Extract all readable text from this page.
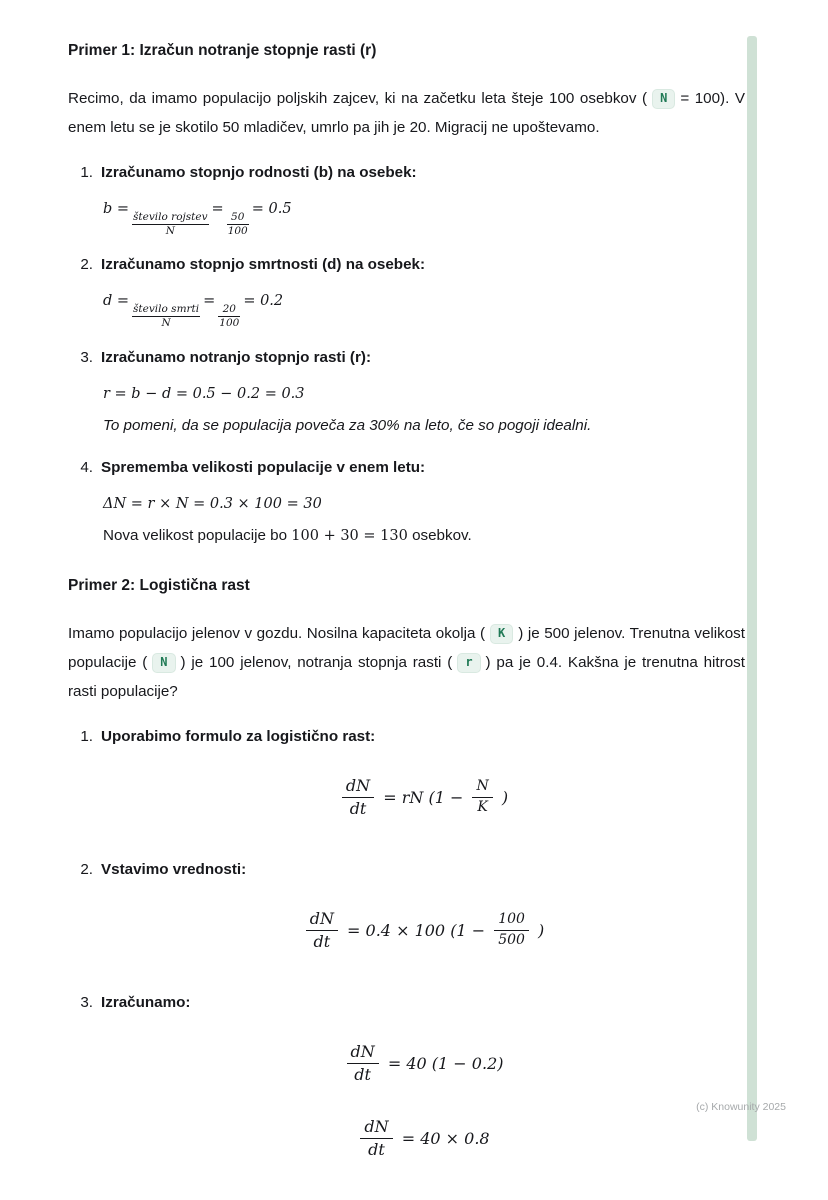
Primer 1: Izračun notranje stopnje rasti (r)

Recimo, da imamo populacijo poljskih zajcev, ki na začetku leta šteje 100 osebkov ( N = 100). V enem letu se je skotilo 50 mladičev, umrlo pa jih je 20. Migracij ne upoštevamo.

1. Izračunamo stopnjo rodnosti (b) na osebek:
b = število rojstev
N
=
$\frac{50}{100}$
= 0.5
2. Izračunamo stopnjo smrtnosti (d) na osebek:
d = število smrti
N
=
$\frac{20}{100}$
= 0.2
3. Izračunamo notranjo stopnjo rasti (r):
r = b − d = 0.5 − 0.2 = 0.3
To pomeni, da se populacija poveča za 30% na leto, če so pogoji idealni.
4. Sprememba velikosti populacije v enem letu:
ΔN = r × N = 0.3 × 100 = 30
Nova velikost populacije bo 100 + 30 = 130 osebkov.
Primer 2: Logistična rast

Imamo populacijo jelenov v gozdu. Nosilna kapaciteta okolja ( K ) je 500 jelenov. Trenutna velikost populacije ( N ) je 100 jelenov, notranja stopnja rasti ( r ) pa je 0.4. Kakšna je trenutna hitrost rasti populacije?

1. Uporabimo formulo za logistično rast:
$\frac{dN}{dt}$ = rN ($1 - \frac{N}{K}$ )
2. Vstavimo vrednosti:
$\frac{dN}{dt} = 0.4 \times 100$ ($1 - \frac{100}{500}$ )
3. Izračunamo:
$\frac{dN}{dt} = 40$ (1 − 0.2)
$\frac{dN}{dt} = 40 \times 0.8$
(c) Knowunity 2025
